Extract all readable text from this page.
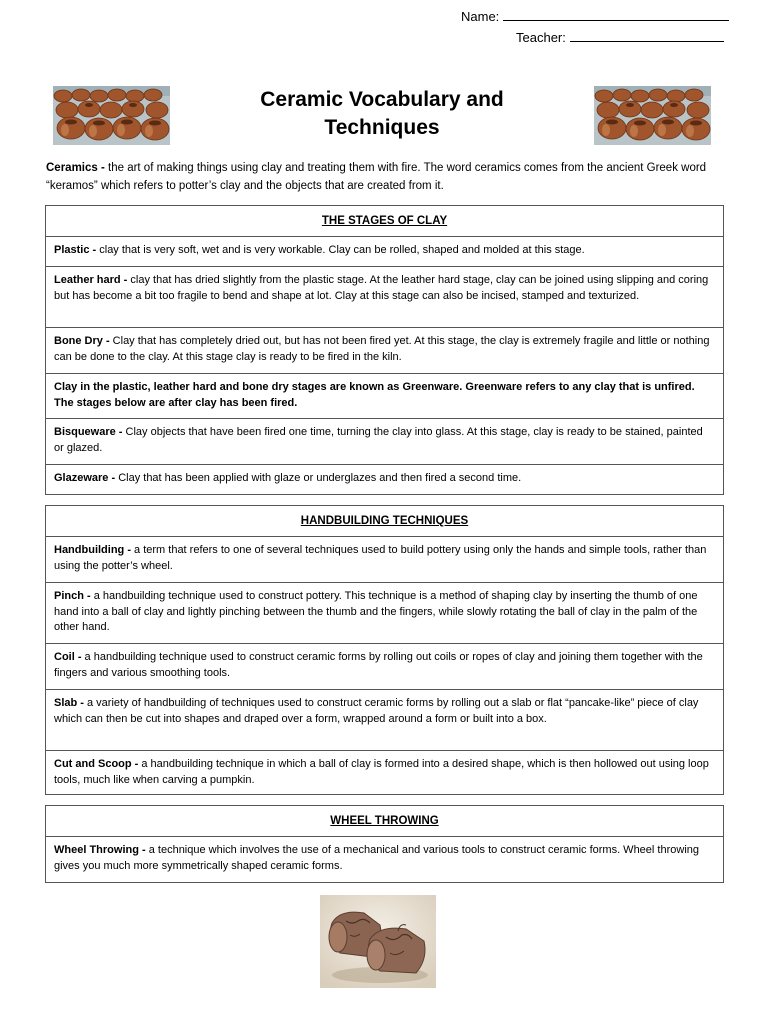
Name:
Teacher:
Ceramic Vocabulary and
Techniques
Ceramics - the art of making things using clay and treating them with fire. The word ceramics comes from the ancient Greek word “keramos” which refers to potter’s clay and the objects that are created from it.
THE STAGES OF CLAY
Plastic - clay that is very soft, wet and is very workable. Clay can be rolled, shaped and molded at this stage.
Leather hard - clay that has dried slightly from the plastic stage. At the leather hard stage, clay can be joined using slipping and coring but has become a bit too fragile to bend and shape at lot. Clay at this stage can also be incised, stamped and texturized.
Bone Dry - Clay that has completely dried out, but has not been fired yet. At this stage, the clay is extremely fragile and little or nothing can be done to the clay. At this stage clay is ready to be fired in the kiln.
Clay in the plastic, leather hard and bone dry stages are known as Greenware. Greenware refers to any clay that is unfired. The stages below are after clay has been fired.
Bisqueware - Clay objects that have been fired one time, turning the clay into glass. At this stage, clay is ready to be stained, painted or glazed.
Glazeware - Clay that has been applied with glaze or underglazes and then fired a second time.
HANDBUILDING TECHNIQUES
Handbuilding - a term that refers to one of several techniques used to build pottery using only the hands and simple tools, rather than using the potter’s wheel.
Pinch - a handbuilding technique used to construct pottery. This technique is a method of shaping clay by inserting the thumb of one hand into a ball of clay and lightly pinching between the thumb and the fingers, while slowly rotating the ball of clay in the palm of the other hand.
Coil - a handbuilding technique used to construct ceramic forms by rolling out coils or ropes of clay and joining them together with the fingers and various smoothing tools.
Slab - a variety of handbuilding of techniques used to construct ceramic forms by rolling out a slab or flat “pancake-like” piece of clay which can then be cut into shapes and draped over a form, wrapped around a form or built into a box.
Cut and Scoop - a handbuilding technique in which a ball of clay is formed into a desired shape, which is then hollowed out using loop tools, much like when carving a pumpkin.
WHEEL THROWING
Wheel Throwing - a technique which involves the use of a mechanical and various tools to construct ceramic forms. Wheel throwing gives you much more symmetrically shaped ceramic forms.
